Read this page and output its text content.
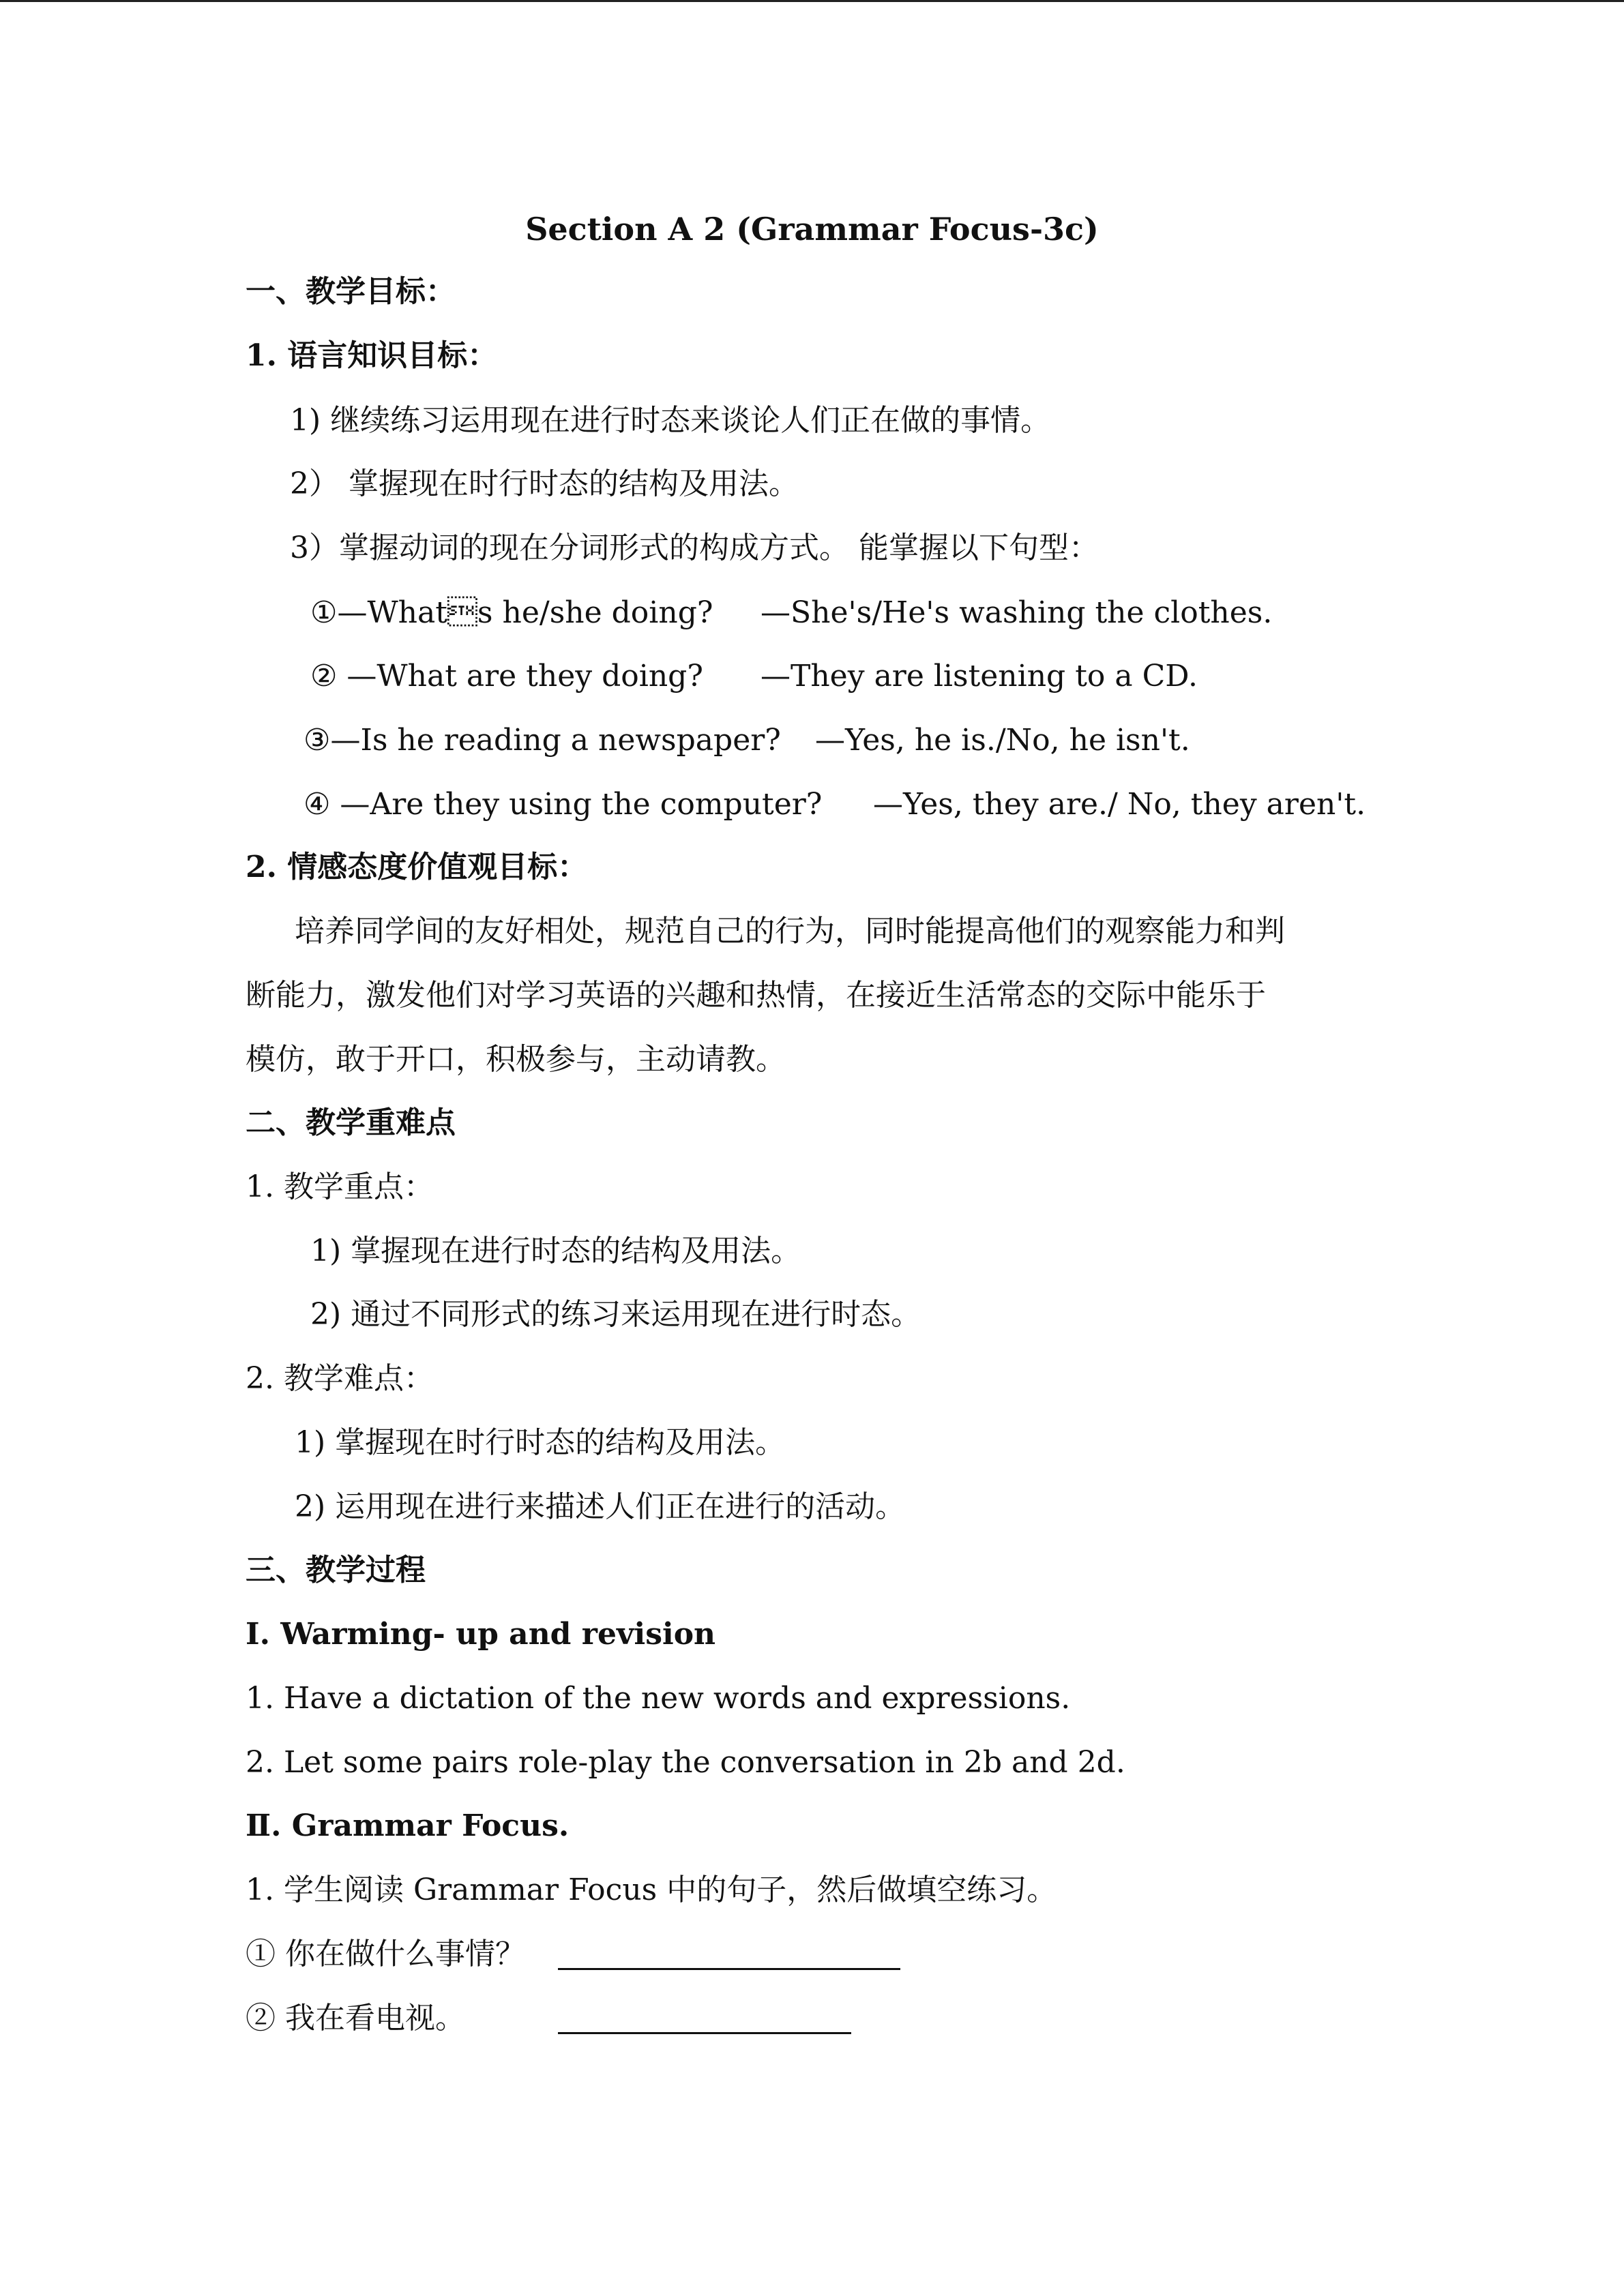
Section A 2 (Grammar Focus-3c)
一、教学目标：
1. 语言知识目标：
1) 继续练习运用现在进行时态来谈论人们正在做的事情。
2） 掌握现在时行时态的结构及用法。
3）掌握动词的现在分词形式的构成方式。 能掌握以下句型：
①—Whats he/she doing? —She's/He's washing the clothes.
② —What are they doing? —They are listening to a CD.
③—Is he reading a newspaper? —Yes, he is./No, he isn't.
④ —Are they using the computer? —Yes, they are./ No, they aren't.
2. 情感态度价值观目标：
培养同学间的友好相处，规范自己的行为，同时能提高他们的观察能力和判
断能力，激发他们对学习英语的兴趣和热情，在接近生活常态的交际中能乐于
模仿，敢于开口，积极参与，主动请教。
二、教学重难点
1. 教学重点：
1) 掌握现在进行时态的结构及用法。
2) 通过不同形式的练习来运用现在进行时态。
2. 教学难点：
1) 掌握现在时行时态的结构及用法。
2) 运用现在进行来描述人们正在进行的活动。
三、教学过程
Ⅰ. Warming- up and revision
1. Have a dictation of the new words and expressions.
2. Let some pairs role-play the conversation in 2b and 2d.
Ⅱ. Grammar Focus.
1. 学生阅读 Grammar Focus 中的句子，然后做填空练习。
① 你在做什么事情？
② 我在看电视。
